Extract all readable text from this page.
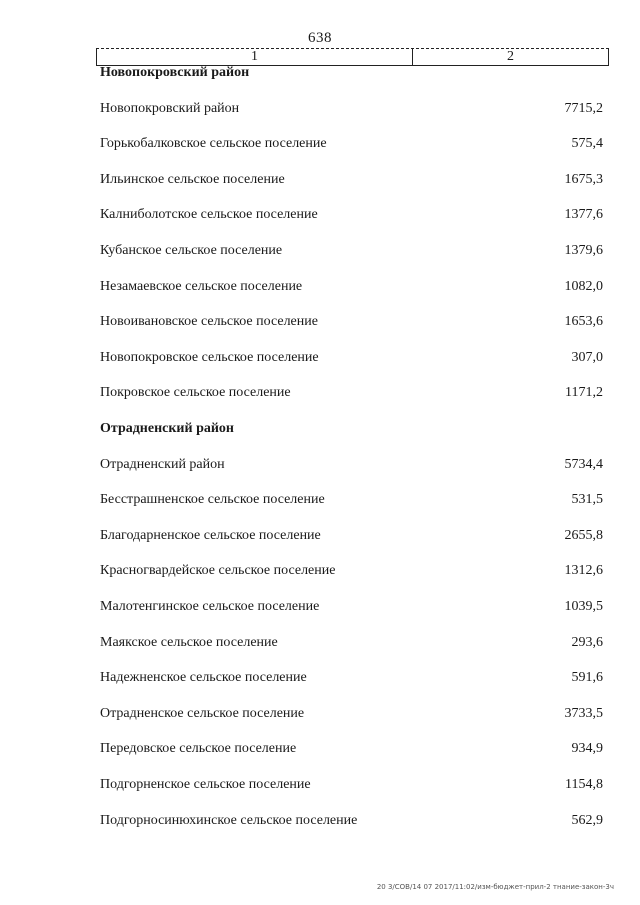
638
1	2
Новопокровский район
Новопокровский район	7715,2
Горькобалковское сельское поселение	575,4
Ильинское сельское поселение	1675,3
Калниболотское сельское поселение	1377,6
Кубанское сельское поселение	1379,6
Незамаевское сельское поселение	1082,0
Новоивановское сельское поселение	1653,6
Новопокровское сельское поселение	307,0
Покровское сельское поселение	1171,2
Отрадненский район
Отрадненский район	5734,4
Бесстрашненское сельское поселение	531,5
Благодарненское сельское поселение	2655,8
Красногвардейское сельское поселение	1312,6
Малотенгинское сельское поселение	1039,5
Маякское сельское поселение	293,6
Надежненское сельское поселение	591,6
Отрадненское сельское поселение	3733,5
Передовское сельское поселение	934,9
Подгорненское сельское поселение	1154,8
Подгорносинюхинское сельское поселение	562,9
20 3/COB/14 07 2017/11:02/изм-бюджет-прил-2 тнание-закон-3ч
